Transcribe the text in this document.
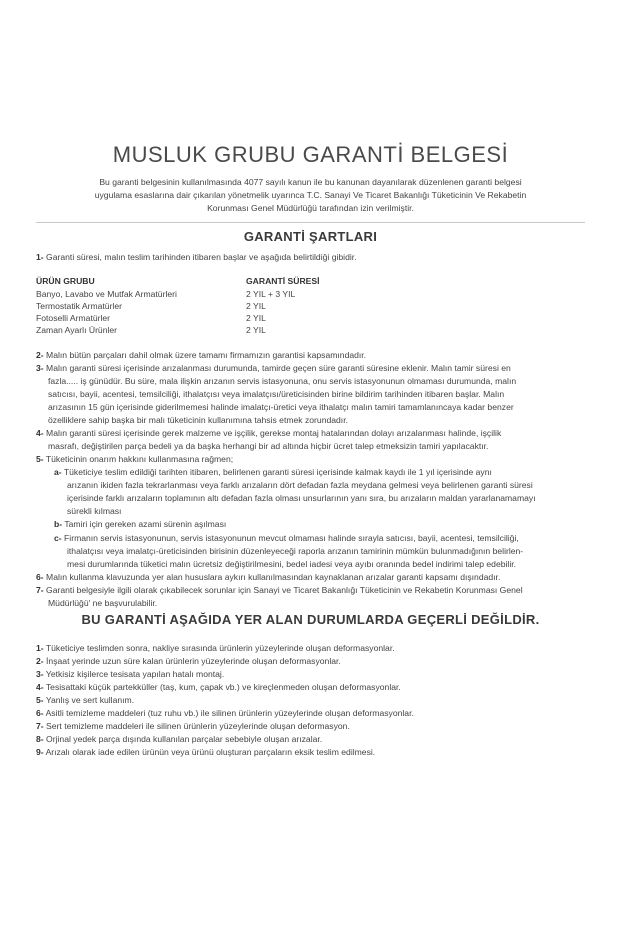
MUSLUK GRUBU GARANTİ BELGESİ
Bu garanti belgesinin kullanılmasında 4077 sayılı kanun ile bu kanunan dayanılarak düzenlenen garanti belgesi
uygulama esaslarına dair çıkarılan yönetmelik uyarınca T.C. Sanayi Ve Ticaret Bakanlığı Tüketicinin Ve Rekabetin
Korunması Genel Müdürlüğü tarafından izin verilmiştir.
GARANTİ ŞARTLARI
1- Garanti süresi, malın teslim tarihinden itibaren başlar ve aşağıda belirtildiği gibidir.
ÜRÜN GRUBU	GARANTİ SÜRESİ
Banyo, Lavabo ve Mutfak Armatürleri	2 YIL + 3 YIL
Termostatik Armatürler	2 YIL
Fotoselli Armatürler	2 YIL
Zaman Ayarlı Ürünler	2 YIL
2- Malın bütün parçaları dahil olmak üzere tamamı firmamızın garantisi kapsamındadır.
3- Malın garanti süresi içerisinde arızalanması durumunda, tamirde geçen süre garanti süresine eklenir. Malın tamir süresi en
fazla..... iş günüdür. Bu süre, mala ilişkin arızanın servis istasyonuna, onu servis istasyonunun olmaması durumunda, malın
satıcısı, bayii, acentesi, temsilciliği, ithalatçısı veya imalatçısı/üreticisinden birine bildirim tarihinden itibaren başlar. Malın
arızasının 15 gün içerisinde giderilmemesi halinde imalatçı-üretici veya ithalatçı malın tamiri tamamlanıncaya kadar benzer
özelliklere sahip başka bir malı tüketicinin kullanımına tahsis etmek zorundadır.
4- Malın garanti süresi içerisinde gerek malzeme ve işçilik, gerekse montaj hatalarından dolayı arızalanması halinde, işçilik
masrafı, değiştirilen parça bedeli ya da başka herhangi bir ad altında hiçbir ücret talep etmeksizin tamiri yapılacaktır.
5- Tüketicinin onarım hakkını kullanmasına rağmen;
a- Tüketiciye teslim edildiği tarihten itibaren, belirlenen garanti süresi içerisinde kalmak kaydı ile 1 yıl içerisinde aynı
arızanın ikiden fazla tekrarlanması veya farklı arızaların dört defadan fazla meydana gelmesi veya belirlenen garanti süresi
içerisinde farklı arızaların toplamının altı defadan fazla olması unsurlarının yanı sıra, bu arızaların maldan yararlanamamayı
sürekli kılması
b- Tamiri için gereken azami sürenin aşılması
c- Firmanın servis istasyonunun, servis istasyonunun mevcut olmaması halinde sırayla satıcısı, bayii, acentesi, temsilciliği,
ithalatçısı veya imalatçı-üreticisinden birisinin düzenleyeceği raporla arızanın tamirinin mümkün bulunmadığının belirlen-
mesi durumlarında tüketici malın ücretsiz değiştirilmesini, bedel iadesi veya ayıbı oranında bedel indirimi talep edebilir.
6- Malın kullanma klavuzunda yer alan hususlara aykırı kullanılmasından kaynaklanan arızalar garanti kapsamı dışındadır.
7- Garanti belgesiyle ilgili olarak çıkabilecek sorunlar için Sanayi ve Ticaret Bakanlığı Tüketicinin ve Rekabetin Korunması Genel
Müdürlüğü' ne başvurulabilir.
BU GARANTİ AŞAĞIDA YER ALAN DURUMLARDA GEÇERLİ DEĞİLDİR.
1- Tüketiciye teslimden sonra, nakliye sırasında ürünlerin yüzeylerinde oluşan deformasyonlar.
2- İnşaat yerinde uzun süre kalan ürünlerin yüzeylerinde oluşan deformasyonlar.
3- Yetkisiz kişilerce tesisata yapılan hatalı montaj.
4- Tesisattaki küçük partekküller (taş, kum, çapak vb.) ve kireçlenmeden oluşan deformasyonlar.
5- Yanlış ve sert kullanım.
6- Asitli temizleme maddeleri (tuz ruhu vb.) ile silinen ürünlerin yüzeylerinde oluşan deformasyonlar.
7- Sert temizleme maddeleri ile silinen ürünlerin yüzeylerinde oluşan deformasyon.
8- Orjinal yedek parça dışında kullanılan parçalar sebebiyle oluşan arızalar.
9- Arızalı olarak iade edilen ürünün veya ürünü oluşturan parçaların eksik teslim edilmesi.
